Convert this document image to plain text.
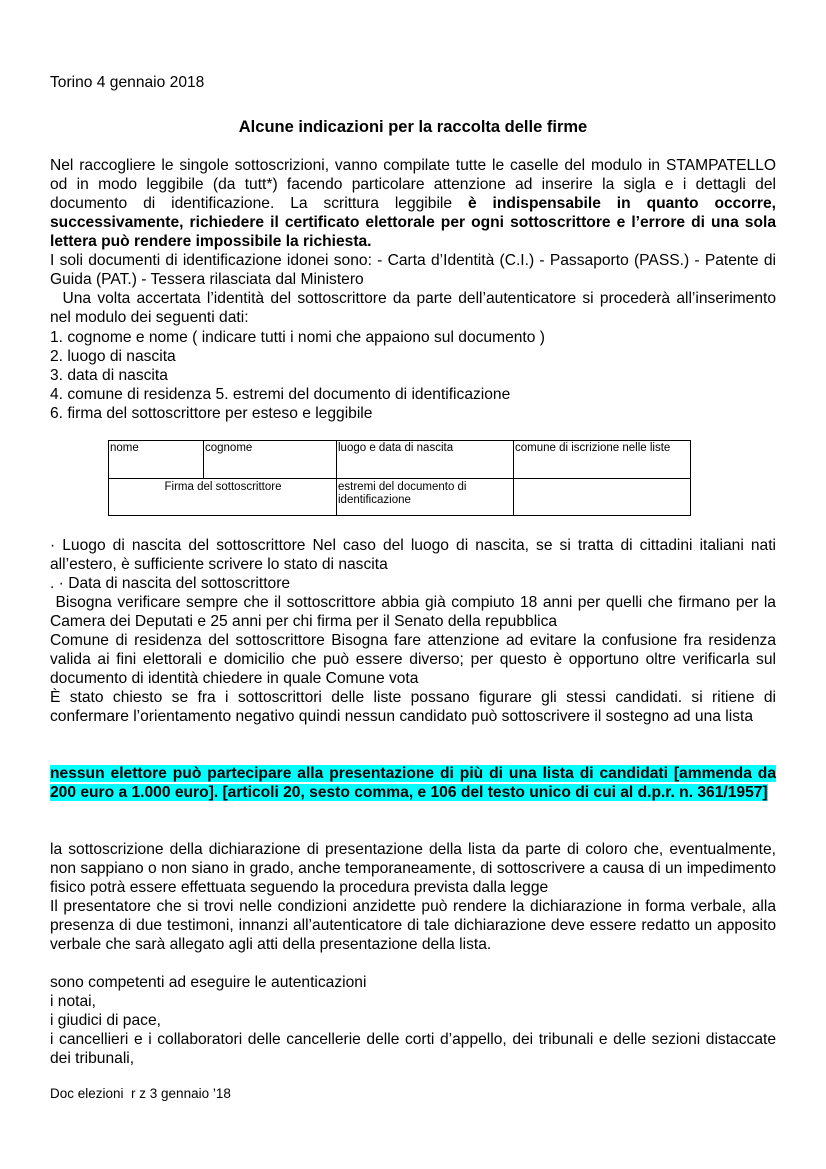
Torino 4 gennaio 2018
Alcune indicazioni per la raccolta delle firme

Nel raccogliere le singole sottoscrizioni, vanno compilate tutte le caselle del modulo in STAMPATELLO od in modo leggibile (da tutt*) facendo particolare attenzione ad inserire la sigla e i dettagli del documento di identificazione. La scrittura leggibile è indispensabile in quanto occorre, successivamente, richiedere il certificato elettorale per ogni sottoscrittore e l’errore di una sola lettera può rendere impossibile la richiesta.

I soli documenti di identificazione idonei sono: - Carta d’Identità (C.I.) - Passaporto (PASS.) - Patente di Guida (PAT.) - Tessera rilasciata dal Ministero

Una volta accertata l’identità del sottoscrittore da parte dell’autenticatore si procederà all’inserimento nel modulo dei seguenti dati:

1. cognome e nome ( indicare tutti i nomi che appaiono sul documento )
2. luogo di nascita
3. data di nascita
4. comune di residenza 5. estremi del documento di identificazione
6. firma del sottoscrittore per esteso e leggibile
nome	cognome	luogo e data di nascita	comune di iscrizione nelle liste
Firma del sottoscrittore		estremi del documento di identificazione	

· Luogo di nascita del sottoscrittore Nel caso del luogo di nascita, se si tratta di cittadini italiani nati all’estero, è sufficiente scrivere lo stato di nascita

. · Data di nascita del sottoscrittore

Bisogna verificare sempre che il sottoscrittore abbia già compiuto 18 anni per quelli che firmano per la Camera dei Deputati e 25 anni per chi firma per il Senato della repubblica

Comune di residenza del sottoscrittore Bisogna fare attenzione ad evitare la confusione fra residenza valida ai fini elettorali e domicilio che può essere diverso; per questo è opportuno oltre verificarla sul documento di identità chiedere in quale Comune vota

È stato chiesto se fra i sottoscrittori delle liste possano figurare gli stessi candidati. si ritiene di confermare l’orientamento negativo quindi nessun candidato può sottoscrivere il sostegno ad una lista

nessun elettore può partecipare alla presentazione di più di una lista di candidati [ammenda da 200 euro a 1.000 euro]. [articoli 20, sesto comma, e 106 del testo unico di cui al d.p.r. n. 361/1957]

la sottoscrizione della dichiarazione di presentazione della lista da parte di coloro che, eventualmente, non sappiano o non siano in grado, anche temporaneamente, di sottoscrivere a causa di un impedimento fisico potrà essere effettuata seguendo la procedura prevista dalla legge

Il presentatore che si trovi nelle condizioni anzidette può rendere la dichiarazione in forma verbale, alla presenza di due testimoni, innanzi all’autenticatore di tale dichiarazione deve essere redatto un apposito verbale che sarà allegato agli atti della presentazione della lista.

sono competenti ad eseguire le autenticazioni

i notai,

i giudici di pace,

i cancellieri e i collaboratori delle cancellerie delle corti d’appello, dei tribunali e delle sezioni distaccate dei tribunali,

Doc elezioni  r z 3 gennaio ’18
